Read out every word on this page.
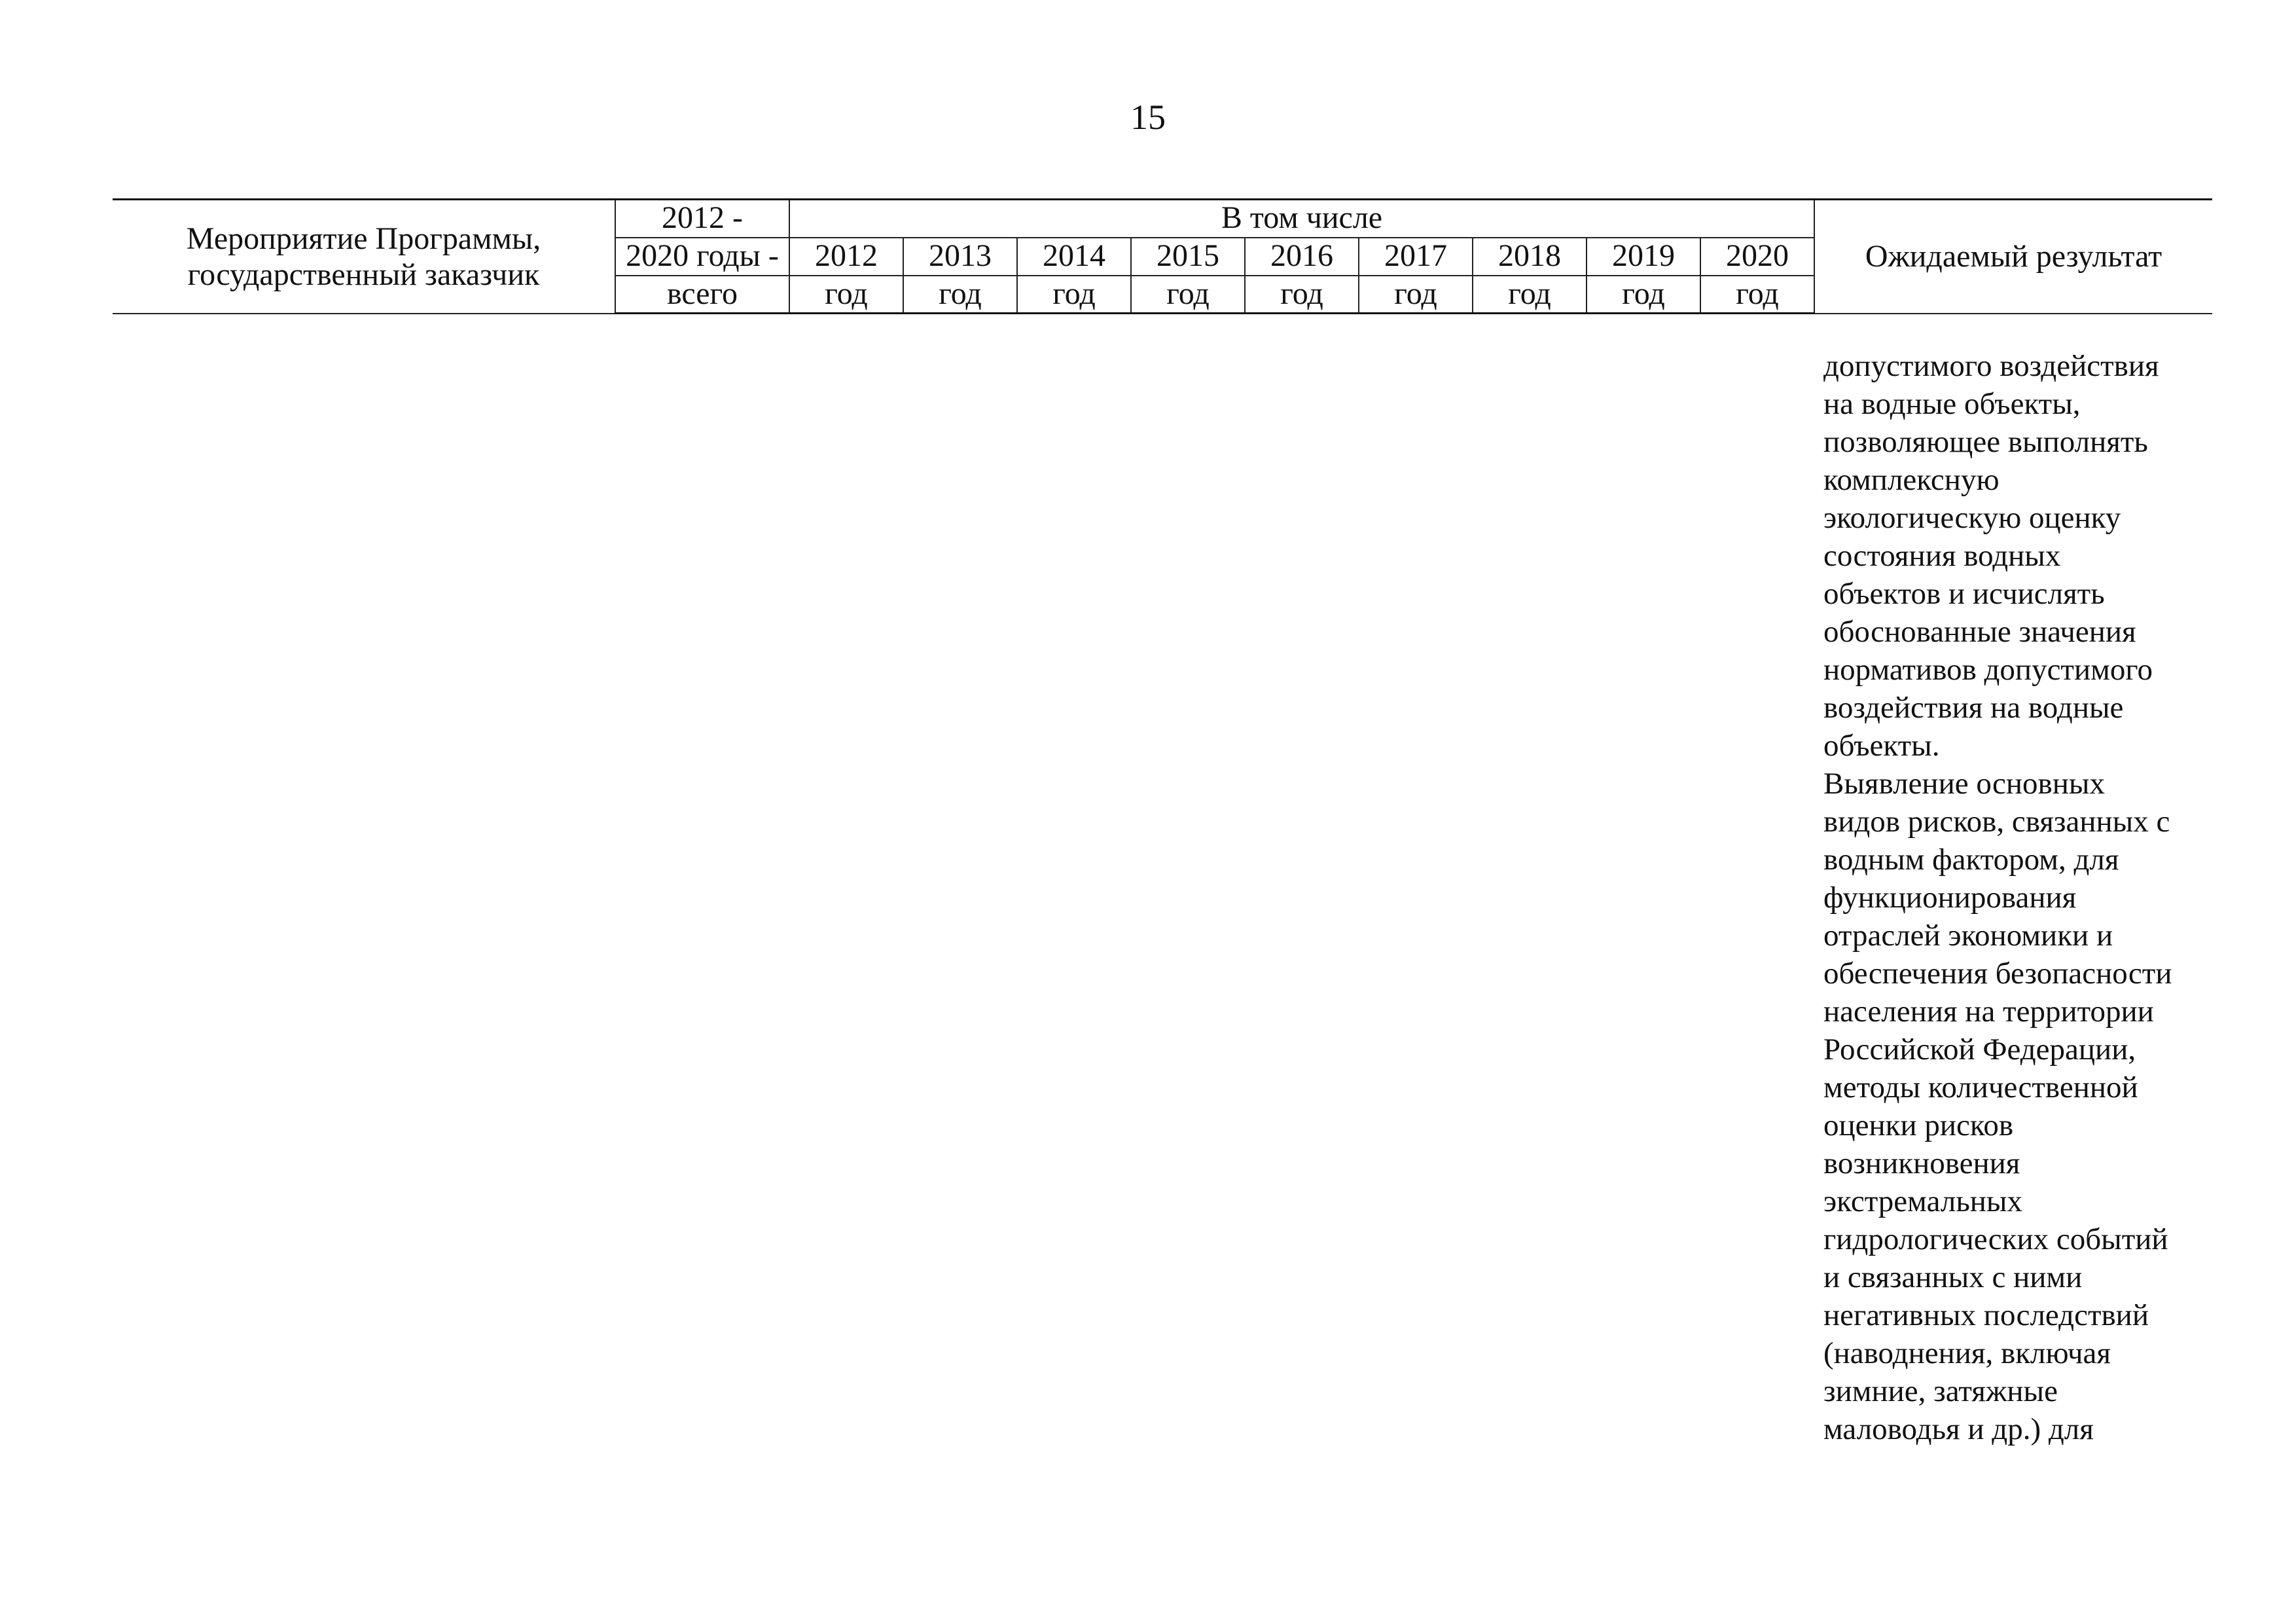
15
Мероприятие Программы, государственный заказчик	2012 -	В том числе									Ожидаемый результат
	2020 годы -	2012	2013	2014	2015	2016	2017	2018	2019	2020	
	всего	год	год	год	год	год	год	год	год	год	
допустимого воздействия
на водные объекты,
позволяющее выполнять
комплексную
экологическую оценку
состояния водных
объектов и исчислять
обоснованные значения
нормативов допустимого
воздействия на водные
объекты.
Выявление основных
видов рисков, связанных с
водным фактором, для
функционирования
отраслей экономики и
обеспечения безопасности
населения на территории
Российской Федерации,
методы количественной
оценки рисков
возникновения
экстремальных
гидрологических событий
и связанных с ними
негативных последствий
(наводнения, включая
зимние, затяжные
маловодья и др.) для
